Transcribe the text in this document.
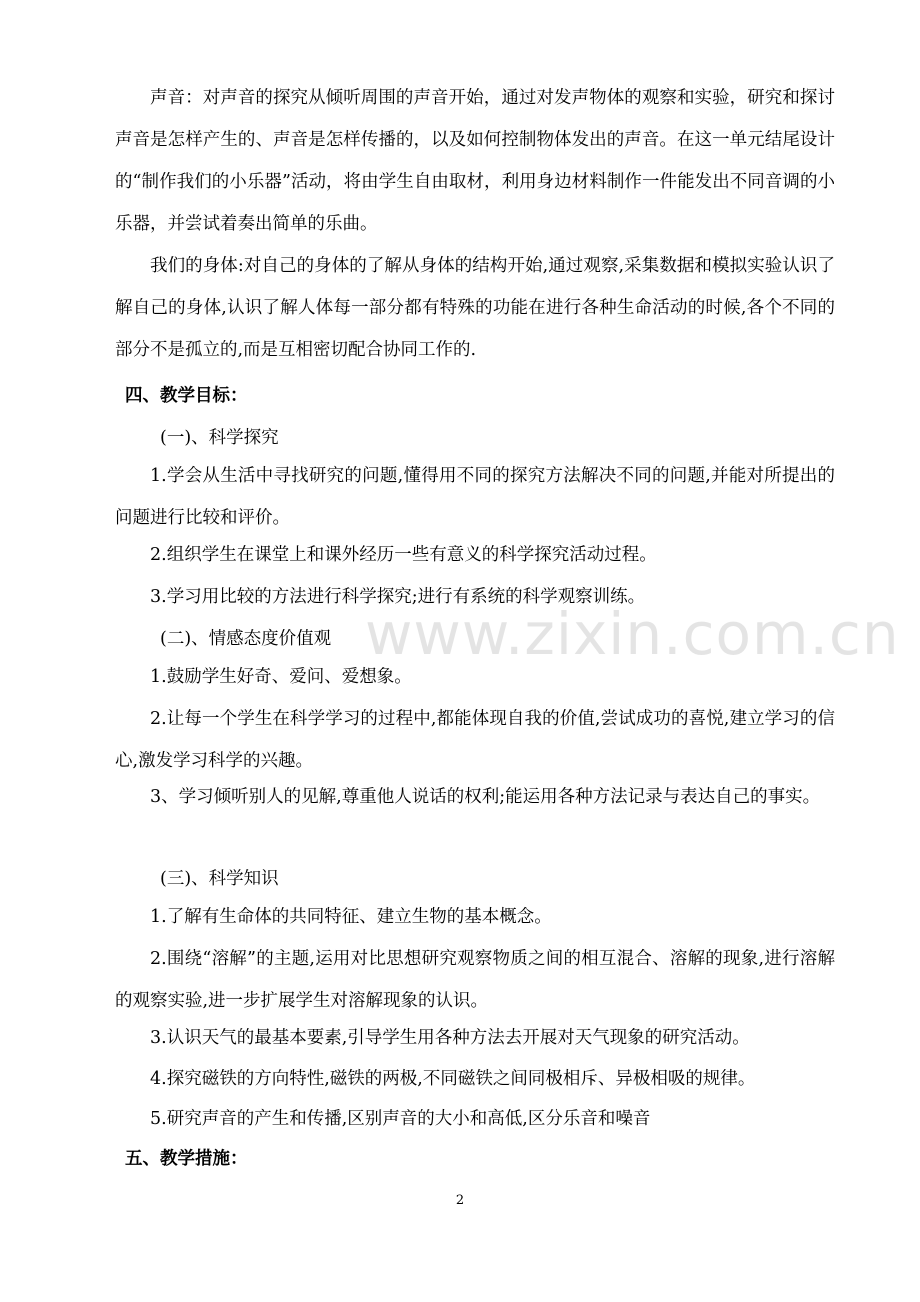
声音：对声音的探究从倾听周围的声音开始，通过对发声物体的观察和实验，研究和探讨声音是怎样产生的、声音是怎样传播的，以及如何控制物体发出的声音。在这一单元结尾设计的“制作我们的小乐器”活动，将由学生自由取材，利用身边材料制作一件能发出不同音调的小乐器，并尝试着奏出简单的乐曲。
我们的身体:对自己的身体的了解从身体的结构开始,通过观察,采集数据和模拟实验认识了解自己的身体,认识了解人体每一部分都有特殊的功能在进行各种生命活动的时候,各个不同的部分不是孤立的,而是互相密切配合协同工作的.
四、教学目标：
(一)、科学探究
1.学会从生活中寻找研究的问题,懂得用不同的探究方法解决不同的问题,并能对所提出的问题进行比较和评价。
2.组织学生在课堂上和课外经历一些有意义的科学探究活动过程。
3.学习用比较的方法进行科学探究;进行有系统的科学观察训练。
(二)、情感态度价值观
1.鼓励学生好奇、爱问、爱想象。
2.让每一个学生在科学学习的过程中,都能体现自我的价值,尝试成功的喜悦,建立学习的信心,激发学习科学的兴趣。
3、学习倾听别人的见解,尊重他人说话的权利;能运用各种方法记录与表达自己的事实。
(三)、科学知识
1.了解有生命体的共同特征、建立生物的基本概念。
2.围绕“溶解”的主题,运用对比思想研究观察物质之间的相互混合、溶解的现象,进行溶解的观察实验,进一步扩展学生对溶解现象的认识。
3.认识天气的最基本要素,引导学生用各种方法去开展对天气现象的研究活动。
4.探究磁铁的方向特性,磁铁的两极,不同磁铁之间同极相斥、异极相吸的规律。
5.研究声音的产生和传播,区别声音的大小和高低,区分乐音和噪音
五、教学措施：
www.zixin.com.cn
2
